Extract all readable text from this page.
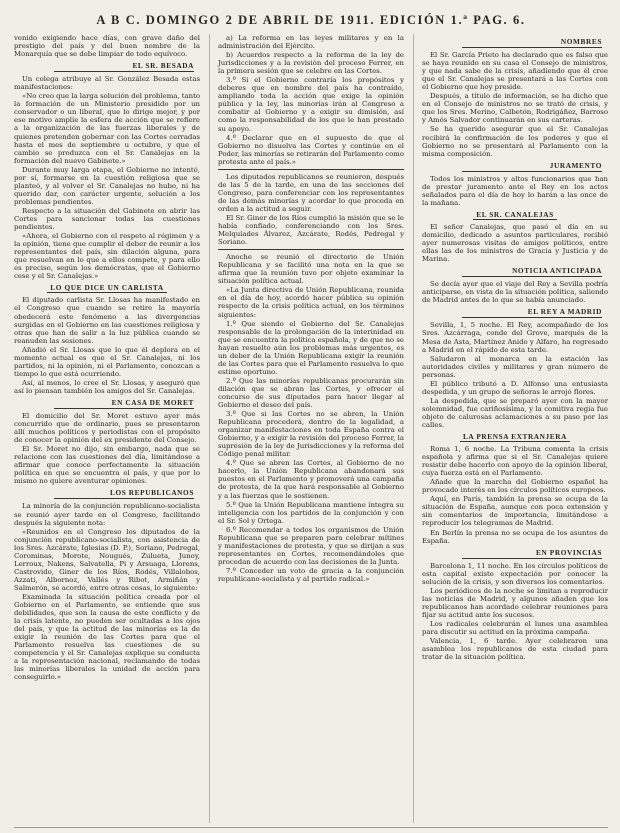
A B C. DOMINGO 2 DE ABRIL DE 1911. EDICIÓN 1.ª PAG. 6.

venido exigiendo hace días, con grave daño del prestigio del país y del buen nombre de la Monarquía que se debe limpiar de todo equívoco.

EL SR. BESADA

Un colega atribuye al Sr. González Besada estas manifestaciones:

«No creo que la larga solución del problema, tanto la formación de un Ministerio presidido por un conservador o un liberal, que lo dirige mejor, y por ese motivo amplíe la esfera de acción que se refiere a la organización de las fuerzas liberales y de quienes pretenden gobernar con las Cortes cerradas hasta el mes de septiembre u octubre, y que el cambio se produzca con el Sr. Canalejas en la formación del nuevo Gabinete.»

Durante muy larga etapa, el Gobierno no intentó, por sí, formarse en la cuestión religiosa que se planteó, y al volver el Sr. Canalejas no hubo, ni ha querido dar, con carácter urgente, solución a los problemas pendientes.

Respecto a la situación del Gabinete en abrir las Cortes para sancionar todas las cuestiones pendientes.

«Ahora, el Gobierno con el respeto al régimen y a la opinión, tiene que cumplir el deber de reunir a los representantes del país, sin dilación alguna, para que resuelvan en lo que a ellos compete, y para ello es preciso, según los demócratas, que el Gobierno cese y el Sr. Canalejas.»

LO QUE DICE UN CARLISTA

El diputado carlista Sr. Llosas ha manifestado en el Congreso que cuando se retire la mayoría obedecerá este fenómeno a las divergencias surgidas en el Gobierno en las cuestiones religiosa y otras que han de salir a la luz pública cuando se reanuden las sesiones.

Añadió el Sr. Llosas que lo que él deplora en el momento actual es que el Sr. Canalejas, ni los partidos, ni la opinión, ni el Parlamento, conozcan a tiempo lo que está ocurriendo.

Así, al menos, lo cree el Sr. Llosas, y aseguró que así lo piensan también los amigos del Sr. Canalejas.

EN CASA DE MORET

El domicilio del Sr. Moret estuvo ayer más concurrido que de ordinario, pues se presentaron allí muchos políticos y periodistas con el propósito de conocer la opinión del ex presidente del Consejo.

El Sr. Moret no dijo, sin embargo, nada que se relacione con las cuestiones del día, limitándose a afirmar que conoce perfectamente la situación política en que se encuentra el país, y que por lo mismo no quiere aventurar opiniones.

LOS REPUBLICANOS

La minoría de la conjunción republicano-socialista se reunió ayer tarde en el Congreso, facilitando después la siguiente nota:

«Reunidos en el Congreso los diputados de la conjunción republicano-socialista, con asistencia de los Sres. Azcárate, Iglesias (D. P.), Soriano, Pedregal, Corominas, Morote, Nougués, Zulueta, Junoy, Lerroux, Nakens, Salvatella, Pi y Arsuaga, Llorens, Castrovido, Giner de los Ríos, Rodés, Villalobos, Azzati, Albornoz, Vallés y Ribot, Armiñán y Salmerón, se acordó, entre otras cosas, lo siguiente:

Examinada la situación política creada por el Gobierno en el Parlamento, se entiende que sus debilidades, que son la causa de este conflicto y de la crisis latente, no pueden ser ocultadas a los ojos del país, y que la actitud de las minorías es la de exigir la reunión de las Cortes para que el Parlamento resuelva las cuestiones de su competencia y el Sr. Canalejas explique su conducta a la representación nacional, reclamando de todas las minorías liberales la unidad de acción para conseguirlo.»

a) La reforma en las leyes militares y en la administración del Ejército.

b) Acuerdos respecto a la reforma de la ley de Jurisdicciones y a la revisión del proceso Ferrer, en la primera sesión que se celebre en las Cortes.

3.º Si el Gobierno contraría los propósitos y deberes que en nombre del país ha contraído, ampliando toda la acción que exige la opinión pública y la ley, las minorías irán al Congreso a combatir al Gobierno y a exigir su dimisión, así como la responsabilidad de los que le han prestado su apoyo.

4.º Declarar que en el supuesto de que el Gobierno no disuelva las Cortes y continúe en el Poder, las minorías se retirarán del Parlamento como protesta ante el país.»

Los diputados republicanos se reunieron, después de las 5 de la tarde, en una de las secciones del Congreso, para conferenciar con los representantes de las demás minorías y acordar lo que proceda en orden a la actitud a seguir.

El Sr. Giner de los Ríos cumplió la misión que se le había confiado, conferenciando con los Sres. Melquíades Álvarez, Azcárate, Rodés, Pedregal y Soriano.

Anoche se reunió el directorio de Unión Republicana y se facilitó una nota en la que se afirma que la reunión tuvo por objeto examinar la situación política actual.

«La Junta directiva de Unión Republicana, reunida en el día de hoy, acordó hacer pública su opinión respecto de la crisis política actual, en los términos siguientes:

1.º Que siendo el Gobierno del Sr. Canalejas responsable de la prolongación de la interinidad en que se encuentra la política española, y de que no se hayan resuelto aún los problemas más urgentes, es un deber de la Unión Republicana exigir la reunión de las Cortes para que el Parlamento resuelva lo que estime oportuno.

2.º Que las minorías republicanas procurarán sin dilación que se abran las Cortes, y ofrecer el concurso de sus diputados para hacer llegar al Gobierno el deseo del país.

3.º Que si las Cortes no se abren, la Unión Republicana procederá, dentro de la legalidad, a organizar manifestaciones en toda España contra el Gobierno, y a exigir la revisión del proceso Ferrer, la supresión de la ley de Jurisdicciones y la reforma del Código penal militar.

4.º Que se abren las Cortes, al Gobierno de no hacerlo, la Unión Republicana abandonará sus puestos en el Parlamento y promoverá una campaña de protesta, de la que hará responsable al Gobierno y a las fuerzas que le sostienen.

5.º Que la Unión Republicana mantiene íntegra su inteligencia con los partidos de la conjunción y con el Sr. Sol y Ortega.

6.º Recomendar a todos los organismos de Unión Republicana que se preparen para celebrar mítines y manifestaciones de protesta, y que se dirijan a sus representantes en Cortes, recomendándoles que procedan de acuerdo con las decisiones de la Junta.

7.º Conceder un voto de gracia a la conjunción republicano-socialista y al partido radical.»

NOMBRES

El Sr. García Prieto ha declarado que es falso que se haya reunido en su casa el Consejo de ministros, y que nada sabe de la crisis, añadiendo que él cree que el Sr. Canalejas se presentará a las Cortes con el Gobierno que hoy preside.

Después, a título de información, se ha dicho que en el Consejo de ministros no se trató de crisis, y que los Sres. Merino, Calbetón, Rodrigáñez, Barroso y Amós Salvador continuarán en sus carteras.

Se ha querido asegurar que el Sr. Canalejas recibirá la confirmación de los poderes y que el Gobierno no se presentará al Parlamento con la misma composición.

JURAMENTO

Todos los ministros y altos funcionarios que han de prestar juramento ante el Rey en los actos señalados para el día de hoy lo harán a las once de la mañana.

EL SR. CANALEJAS

El señor Canalejas, que pasó el día en su domicilio, dedicado a asuntos particulares, recibió ayer numerosas visitas de amigos políticos, entre ellas las de los ministros de Gracia y Justicia y de Marina.

NOTICIA ANTICIPADA

Se decía ayer que el viaje del Rey a Sevilla podría anticiparse, en vista de la situación política, saliendo de Madrid antes de lo que se había anunciado.

EL REY A MADRID

Sevilla, 1, 5 noche. El Rey, acompañado de los Sres. Azcárraga, conde del Grove, marqués de la Mesa de Asta, Martínez Anido y Alfaro, ha regresado a Madrid en el rápido de esta tarde.

Saludaron al monarca en la estación las autoridades civiles y militares y gran número de personas.

El público tributó a D. Alfonso una entusiasta despedida, y un grupo de señoras le arrojó flores.

La despedida, que se preparó ayer con la mayor solemnidad, fue cariñosísima, y la comitiva regia fue objeto de calurosas aclamaciones a su paso por las calles.

LA PRENSA EXTRANJERA

Roma 1, 6 noche. La Tribuna comenta la crisis española y afirma que si el Sr. Canalejas quiere resistir debe hacerlo con apoyo de la opinión liberal, cuya fuerza está en el Parlamento.

Añade que la marcha del Gobierno español ha provocado interés en los círculos políticos europeos.

Aquí, en París, también la prensa se ocupa de la situación de España, aunque con poca extensión y sin comentarios de importancia, limitándose a reproducir los telegramas de Madrid.

En Berlín la prensa no se ocupa de los asuntos de España.

EN PROVINCIAS

Barcelona 1, 11 noche. En los círculos políticos de esta capital existe expectación por conocer la solución de la crisis, y son diversos los comentarios.

Los periódicos de la noche se limitan a reproducir las noticias de Madrid, y algunos añaden que los republicanos han acordado celebrar reuniones para fijar su actitud ante los sucesos.

Los radicales celebrarán el lunes una asamblea para discutir su actitud en la próxima campaña.

Valencia, 1, 6 tarde. Ayer celebraron una asamblea los republicanos de esta ciudad para tratar de la situación política.
